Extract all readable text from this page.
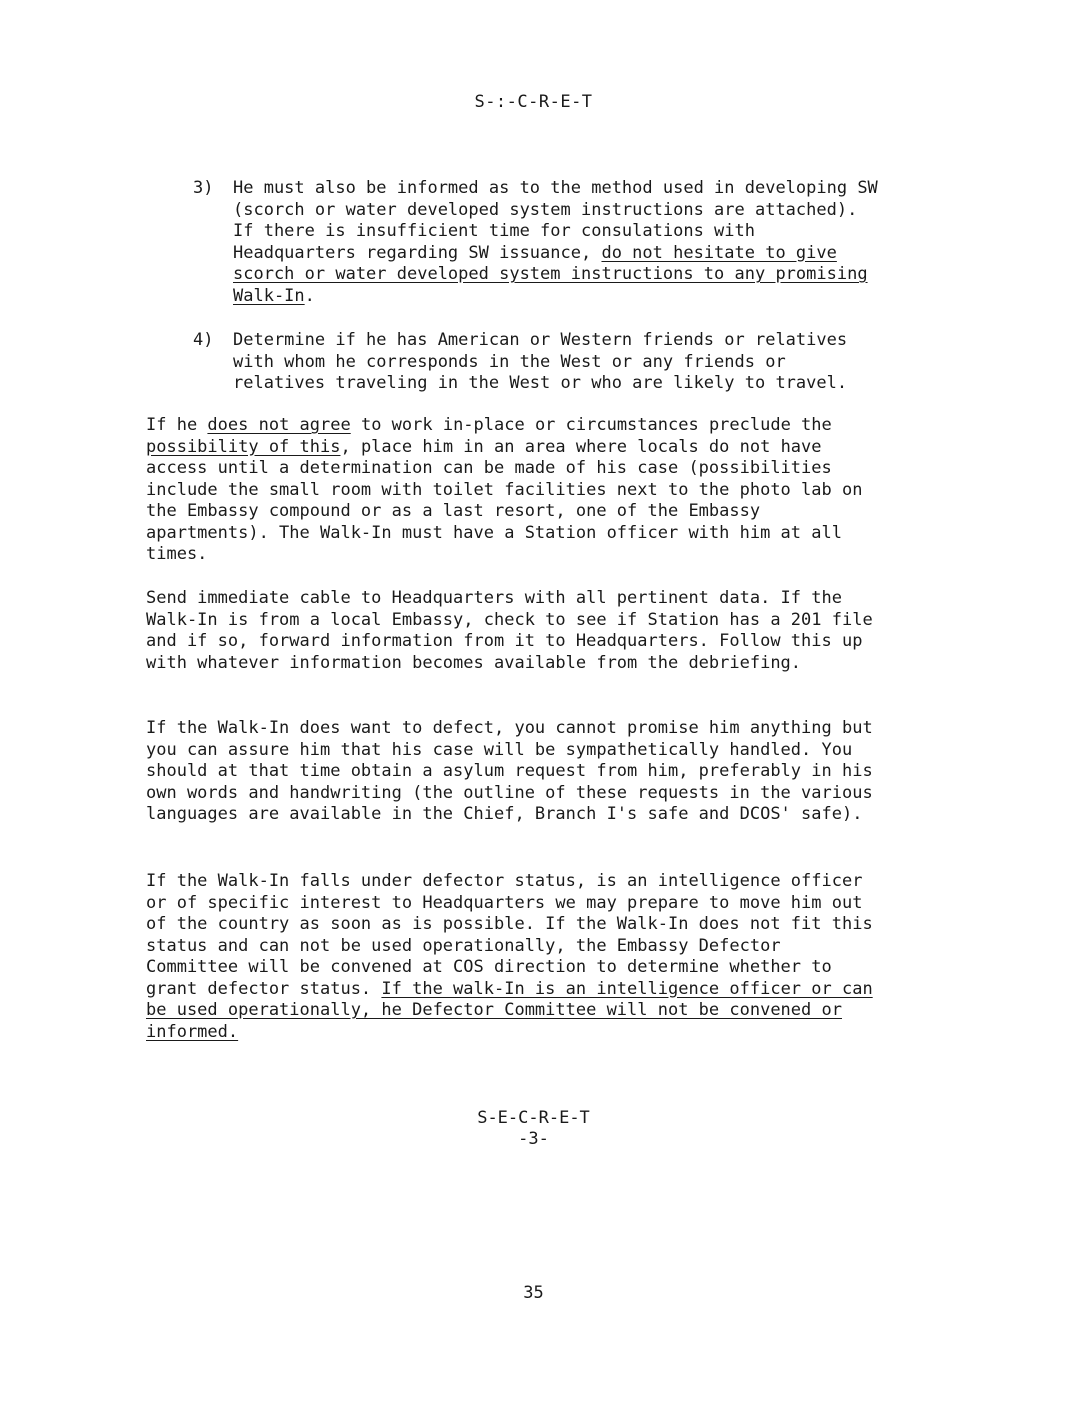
S-:-C-R-E-T
3)	He must also be informed as to the method used in developing SW (scorch or water developed system instructions are attached). If there is insufficient time for consulations with Headquarters regarding SW issuance, do not hesitate to give scorch or water developed system instructions to any promising Walk-In.
4)	Determine if he has American or Western friends or relatives with whom he corresponds in the West or any friends or relatives traveling in the West or who are likely to travel.
If he does not agree to work in-place or circumstances preclude the possibility of this, place him in an area where locals do not have access until a determination can be made of his case (possibilities include the small room with toilet facilities next to the photo lab on the Embassy compound or as a last resort, one of the Embassy apartments). The Walk-In must have a Station officer with him at all times.
Send immediate cable to Headquarters with all pertinent data. If the Walk-In is from a local Embassy, check to see if Station has a 201 file and if so, forward information from it to Headquarters. Follow this up with whatever information becomes available from the debriefing.
If the Walk-In does want to defect, you cannot promise him anything but you can assure him that his case will be sympathetically handled. You should at that time obtain a asylum request from him, preferably in his own words and handwriting (the outline of these requests in the various languages are available in the Chief, Branch I's safe and DCOS' safe).
If the Walk-In falls under defector status, is an intelligence officer or of specific interest to Headquarters we may prepare to move him out of the country as soon as is possible. If the Walk-In does not fit this status and can not be used operationally, the Embassy Defector Committee will be convened at COS direction to determine whether to grant defector status. If the walk-In is an intelligence officer or can be used operationally, he Defector Committee will not be convened or informed.
S-E-C-R-E-T
-3-
35
